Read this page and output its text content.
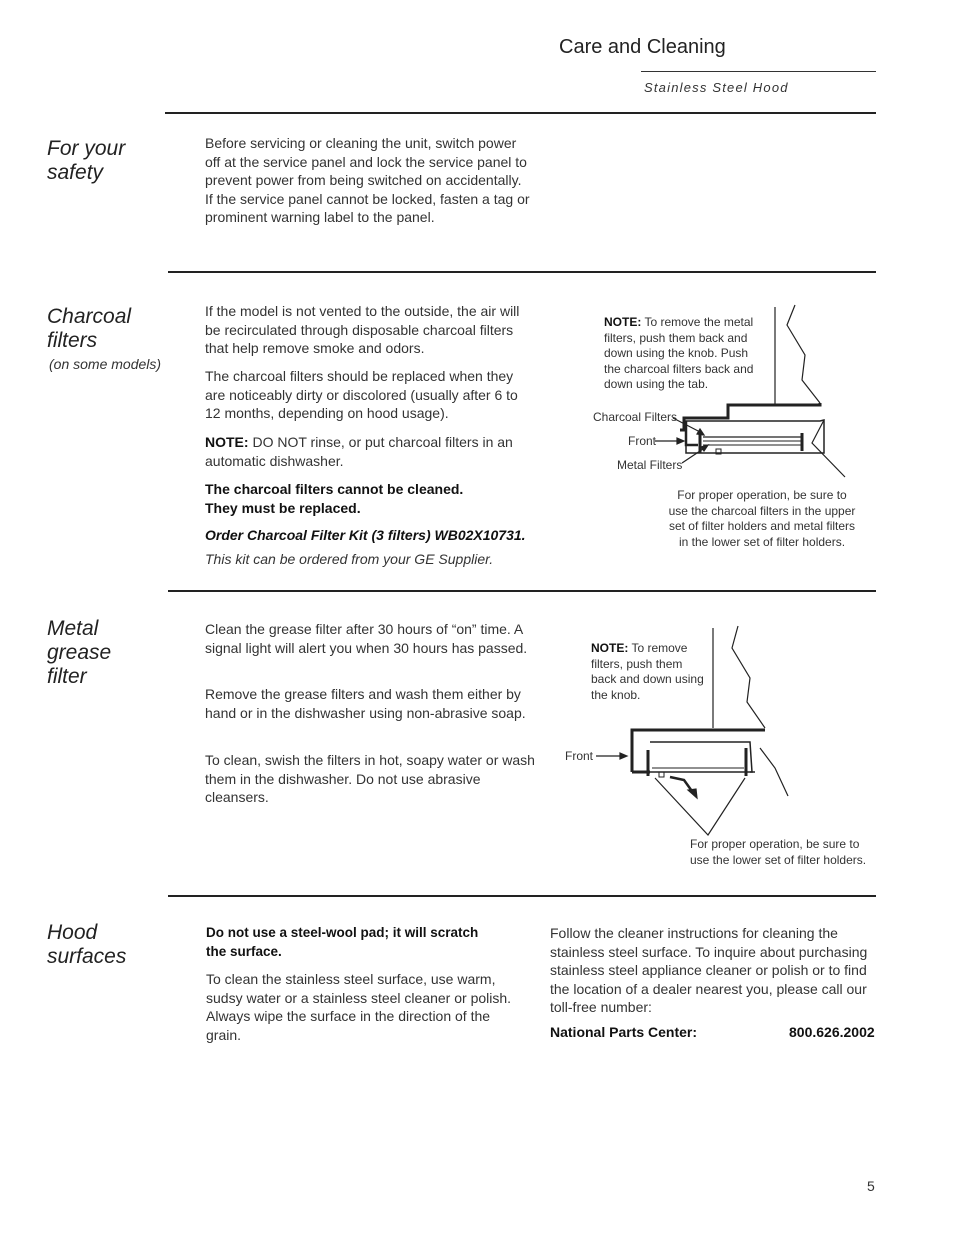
Care and Cleaning
Stainless Steel Hood
For your
safety

Before servicing or cleaning the unit, switch power off at the service panel and lock the service panel to prevent power from being switched on accidentally. If the service panel cannot be locked, fasten a tag or prominent warning label to the panel.

Charcoal
filters
(on some models)

If the model is not vented to the outside, the air will be recirculated through disposable charcoal filters that help remove smoke and odors.

The charcoal filters should be replaced when they are noticeably dirty or discolored (usually after 6 to 12 months, depending on hood usage).

NOTE: DO NOT rinse, or put charcoal filters in an automatic dishwasher.

The charcoal filters cannot be cleaned. They must be replaced.

Order Charcoal Filter Kit (3 filters) WB02X10731.

This kit can be ordered from your GE Supplier.

NOTE: To remove the metal filters, push them back and down using the knob. Push the charcoal filters back and down using the tab.
Charcoal Filters
Front
Metal Filters
For proper operation, be sure to use the charcoal filters in the upper set of filter holders and metal filters in the lower set of filter holders.
Metal
grease
filter

Clean the grease filter after 30 hours of “on” time. A signal light will alert you when 30 hours has passed.

Remove the grease filters and wash them either by hand or in the dishwasher using non-abrasive soap.

To clean, swish the filters in hot, soapy water or wash them in the dishwasher. Do not use abrasive cleansers.

NOTE: To remove filters, push them back and down using the knob.
Front
For proper operation, be sure to use the lower set of filter holders.
Hood
surfaces

Do not use a steel-wool pad; it will scratch the surface.

To clean the stainless steel surface, use warm, sudsy water or a stainless steel cleaner or polish. Always wipe the surface in the direction of the grain.

Follow the cleaner instructions for cleaning the stainless steel surface. To inquire about purchasing stainless steel appliance cleaner or polish or to find the location of a dealer nearest you, please call our toll-free number:

National Parts Center:	800.626.2002
5
